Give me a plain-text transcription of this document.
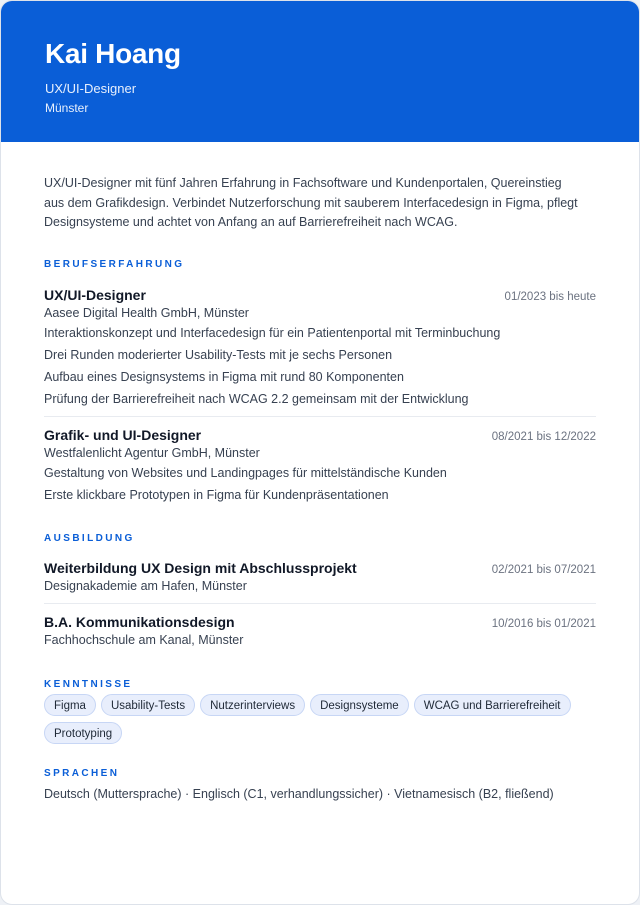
Kai Hoang
UX/UI-Designer
Münster
UX/UI-Designer mit fünf Jahren Erfahrung in Fachsoftware und Kundenportalen, Quereinstieg aus dem Grafikdesign. Verbindet Nutzerforschung mit sauberem Interfacedesign in Figma, pflegt Designsysteme und achtet von Anfang an auf Barrierefreiheit nach WCAG.
BERUFSERFAHRUNG
UX/UI-Designer	01/2023 bis heute
Aasee Digital Health GmbH, Münster
Interaktionskonzept und Interfacedesign für ein Patientenportal mit Terminbuchung
Drei Runden moderierter Usability-Tests mit je sechs Personen
Aufbau eines Designsystems in Figma mit rund 80 Komponenten
Prüfung der Barrierefreiheit nach WCAG 2.2 gemeinsam mit der Entwicklung
Grafik- und UI-Designer	08/2021 bis 12/2022
Westfalenlicht Agentur GmbH, Münster
Gestaltung von Websites und Landingpages für mittelständische Kunden
Erste klickbare Prototypen in Figma für Kundenpräsentationen
AUSBILDUNG
Weiterbildung UX Design mit Abschlussprojekt	02/2021 bis 07/2021
Designakademie am Hafen, Münster
B.A. Kommunikationsdesign	10/2016 bis 01/2021
Fachhochschule am Kanal, Münster
KENNTNISSE
Figma	Usability-Tests	Nutzerinterviews	Designsysteme	WCAG und Barrierefreiheit
Prototyping
SPRACHEN
Deutsch (Muttersprache) · Englisch (C1, verhandlungssicher) · Vietnamesisch (B2, fließend)
